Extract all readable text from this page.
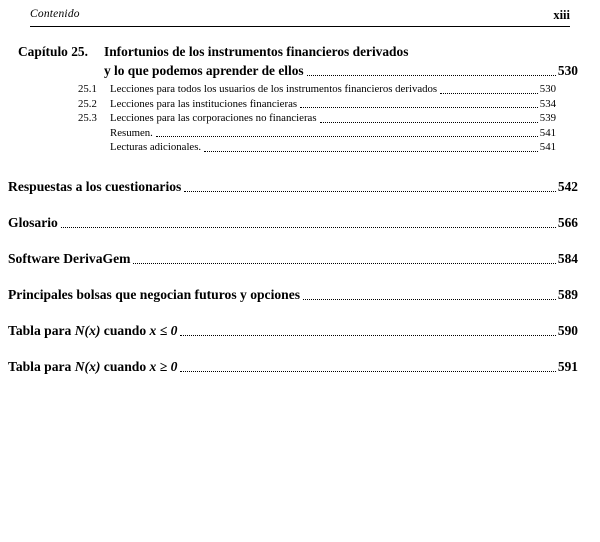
Contenido	xiii
Capítulo 25.	Infortunios de los instrumentos financieros derivados
y lo que podemos aprender de ellos	530
25.1	Lecciones para todos los usuarios de los instrumentos financieros derivados	530
25.2	Lecciones para las instituciones financieras	534
25.3	Lecciones para las corporaciones no financieras	539
Resumen.	541
Lecturas adicionales.	541
Respuestas a los cuestionarios	542
Glosario	566
Software DerivaGem	584
Principales bolsas que negocian futuros y opciones	589
Tabla para N(x) cuando x ≤ 0	590
Tabla para N(x) cuando x ≥ 0	591
